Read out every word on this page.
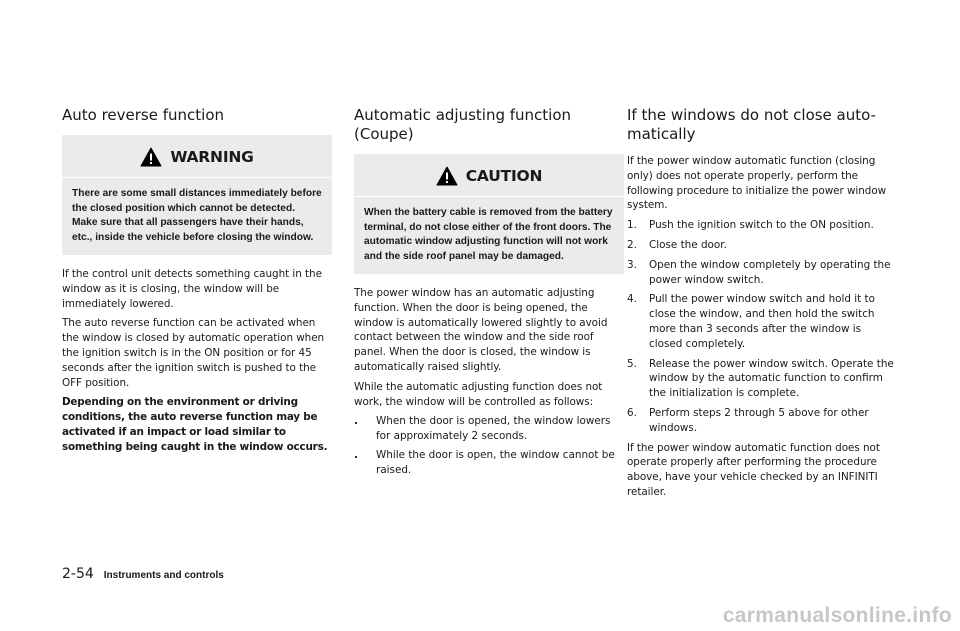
Auto reverse function
WARNING
There are some small distances immediately before the closed position which cannot be detected. Make sure that all passengers have their hands, etc., inside the vehicle before closing the window.

If the control unit detects something caught in the window as it is closing, the window will be immediately lowered.

The auto reverse function can be activated when the window is closed by automatic operation when the ignition switch is in the ON position or for 45 seconds after the ignition switch is pushed to the OFF position.

Depending on the environment or driving conditions, the auto reverse function may be activated if an impact or load similar to something being caught in the window occurs.

Automatic adjusting function
(Coupe)
CAUTION
When the battery cable is removed from the battery terminal, do not close either of the front doors. The automatic window adjusting function will not work and the side roof panel may be damaged.

The power window has an automatic adjusting function. When the door is being opened, the window is automatically lowered slightly to avoid contact between the window and the side roof panel. When the door is closed, the window is automatically raised slightly.

While the automatic adjusting function does not work, the window will be controlled as follows:

.	When the door is opened, the window lowers for approximately 2 seconds.
.	While the door is open, the window cannot be raised.
If the windows do not close auto-
matically

If the power window automatic function (closing only) does not operate properly, perform the following procedure to initialize the power window system.

1.	Push the ignition switch to the ON position.
2.	Close the door.
3.	Open the window completely by operating the power window switch.
4.	Pull the power window switch and hold it to close the window, and then hold the switch more than 3 seconds after the window is closed completely.
5.	Release the power window switch. Operate the window by the automatic function to confirm the initialization is complete.
6.	Perform steps 2 through 5 above for other windows.

If the power window automatic function does not operate properly after performing the procedure above, have your vehicle checked by an INFINITI retailer.

2-54 Instruments and controls
carmanualsonline.info
